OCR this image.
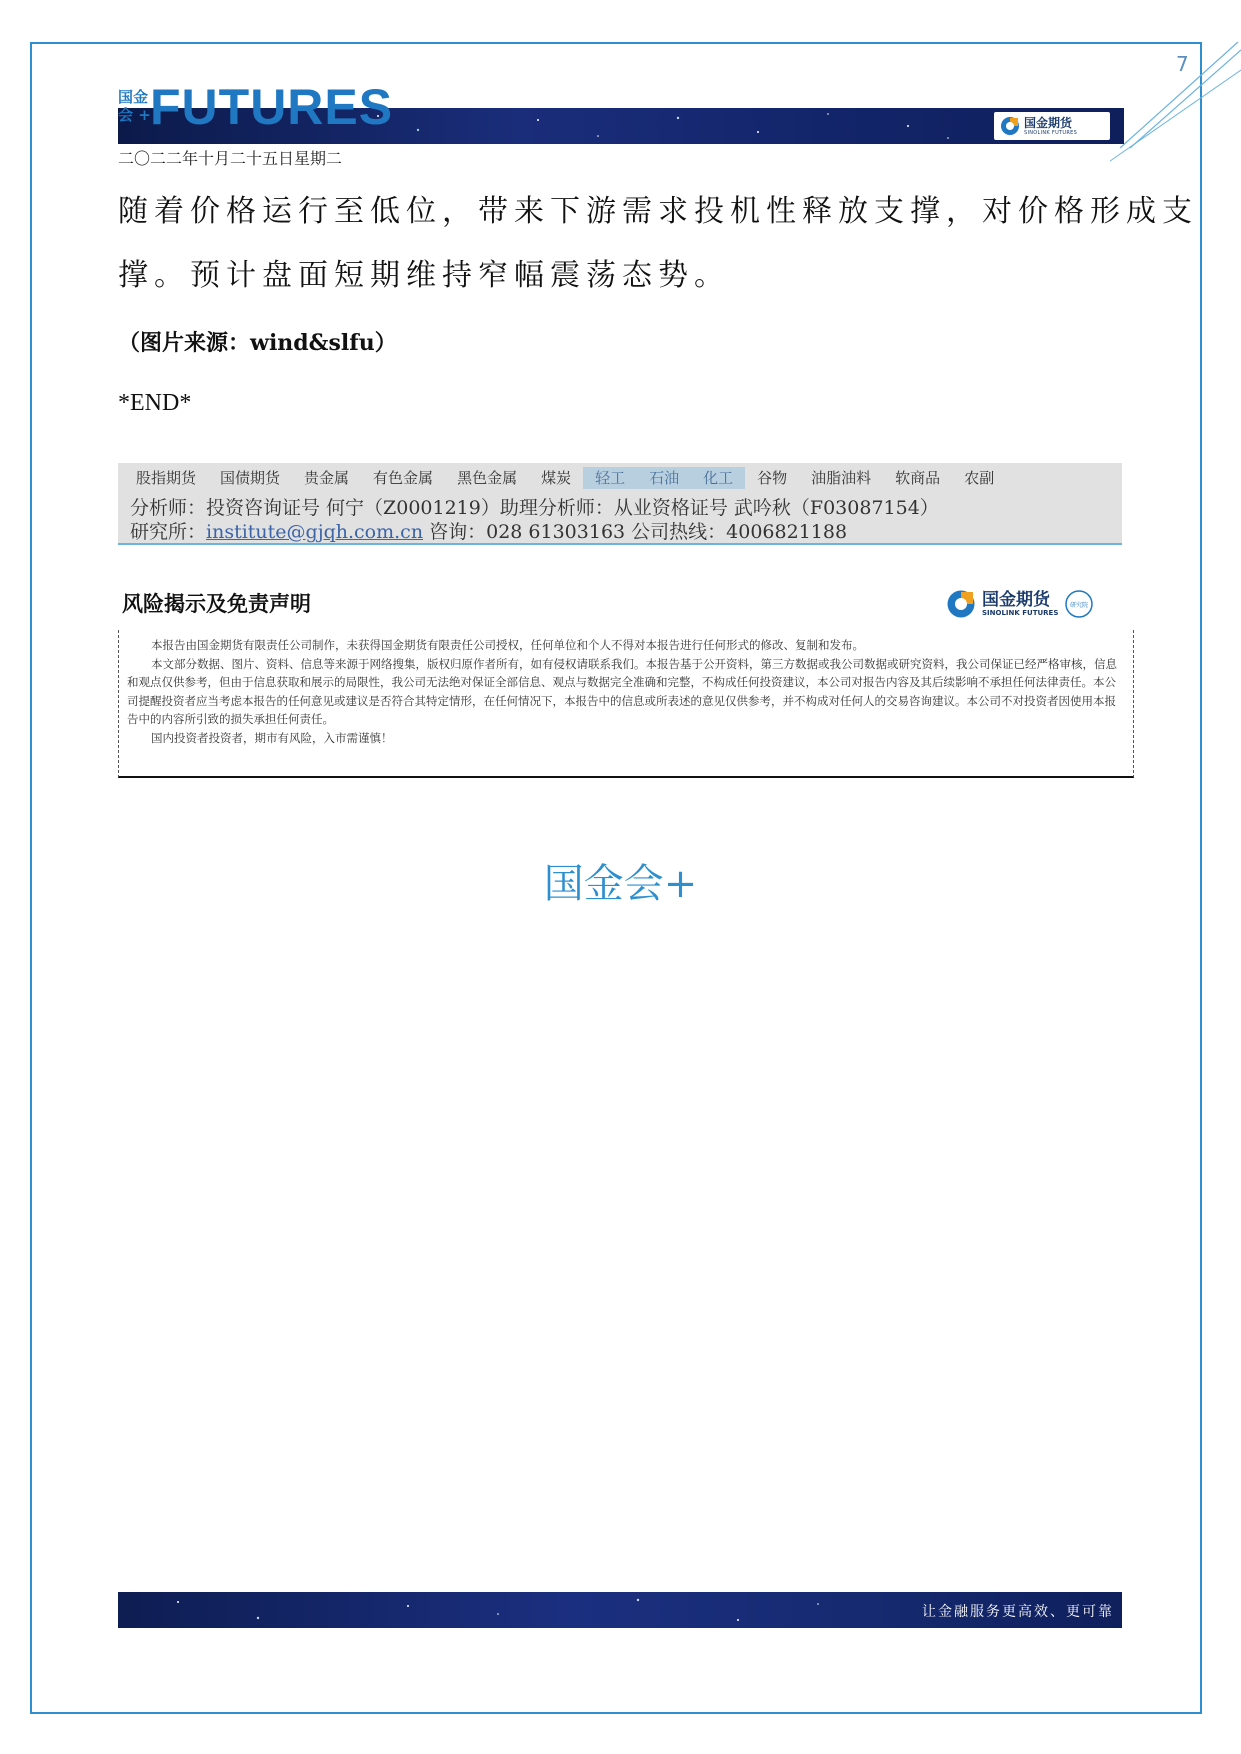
7
国金期货
SINOLINK FUTURES
国金会 + FUTURES
二〇二二年十月二十五日星期二
随着价格运行至低位，带来下游需求投机性释放支撑，对价格形成支
撑。预计盘面短期维持窄幅震荡态势。
（图片来源：wind&slfu）
*END*
股指期货	国债期货	贵金属	有色金属	黑色金属	煤炭	轻工	石油	化工	谷物	油脂油料	软商品	农副
分析师：投资咨询证号 何宁（Z0001219）助理分析师：从业资格证号 武吟秋（F03087154）
研究所：institute@gjqh.com.cn 咨询：028 61303163 公司热线：4006821188
风险揭示及免责声明	国金期货
SINOLINK FUTURES
研究院

本报告由国金期货有限责任公司制作，未获得国金期货有限责任公司授权，任何单位和个人不得对本报告进行任何形式的修改、复制和发布。

本文部分数据、图片、资料、信息等来源于网络搜集，版权归原作者所有，如有侵权请联系我们。本报告基于公开资料，第三方数据或我公司数据或研究资料，我公司保证已经严格审核，信息和观点仅供参考，但由于信息获取和展示的局限性，我公司无法绝对保证全部信息、观点与数据完全准确和完整，不构成任何投资建议，本公司对报告内容及其后续影响不承担任何法律责任。本公司提醒投资者应当考虑本报告的任何意见或建议是否符合其特定情形，在任何情况下，本报告中的信息或所表述的意见仅供参考，并不构成对任何人的交易咨询建议。本公司不对投资者因使用本报告中的内容所引致的损失承担任何责任。

国内投资者投资者，期市有风险，入市需谨慎！

国金会+
让金融服务更高效、更可靠
